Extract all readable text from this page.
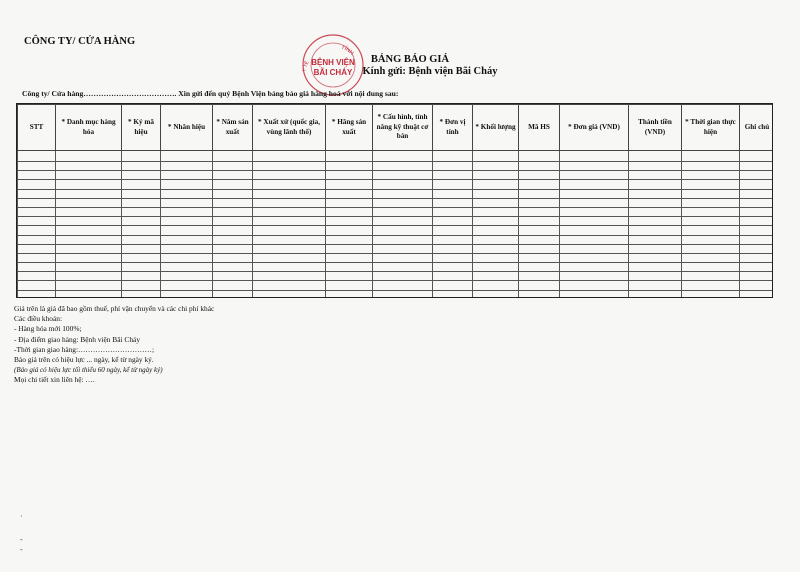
CÔNG TY/ CỬA HÀNG
TỈNH
Y TẾ BỆNH VIỆN
BÃI CHÁY
BẢNG BÁO GIÁ
Kính gửi: Bệnh viện Bãi Cháy
Công ty/ Cửa hàng………………………………. Xin gửi đến quý Bệnh Viện bảng báo giá hàng hoá với nội dung sau:
STT	* Danh mục hàng hóa	* Ký mã hiệu	* Nhãn hiệu	* Năm sản xuất	* Xuất xứ (quốc gia, vùng lãnh thổ)	* Hãng sản xuất	* Cấu hình, tính năng kỹ thuật cơ bản	* Đơn vị tính	* Khối lượng	Mã HS	* Đơn giá (VND)	Thành tiền (VND)	* Thời gian thực hiện	Ghi chú

Giá trên là giá đã bao gồm thuế, phí vận chuyển và các chi phí khác
Các điều khoản:
- Hàng hóa mới 100%;
- Địa điểm giao hàng: Bệnh viện Bãi Cháy
-Thời gian giao hàng:…………………………;
Báo giá trên có hiệu lực ... ngày, kể từ ngày ký.
(Báo giá có hiệu lực tối thiểu 60 ngày, kể từ ngày ký)
Mọi chi tiết xin liên hệ: ….
·
-
-
